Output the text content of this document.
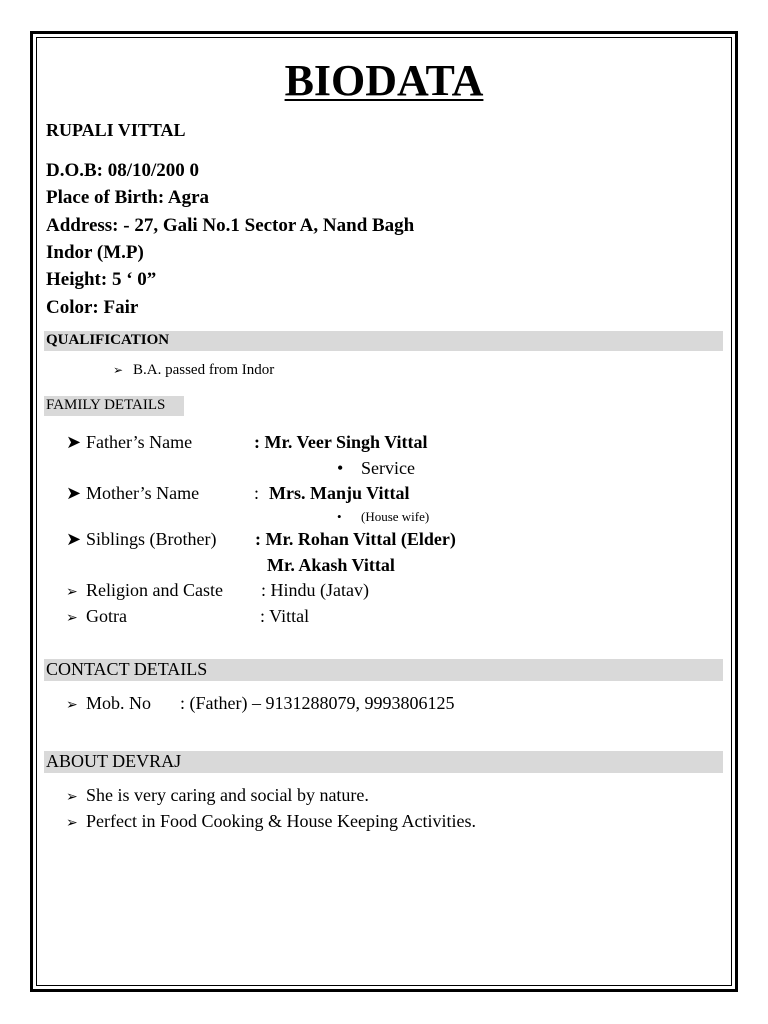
BIODATA
RUPALI VITTAL
D.O.B: 08/10/200 0
Place of Birth: Agra
Address: - 27, Gali No.1 Sector A, Nand Bagh
Indor (M.P)
Height: 5 ‘ 0”
Color: Fair
QUALIFICATION
➢ B.A. passed from Indor
FAMILY DETAILS
➤ Father’s Name	: Mr. Veer Singh Vittal
• Service
➤ Mother’s Name	: Mrs. Manju Vittal
• (House wife)
➤ Siblings (Brother) : Mr. Rohan Vittal (Elder)
Mr. Akash Vittal
➢ Religion and Caste : Hindu (Jatav)
➢ Gotra	: Vittal
CONTACT DETAILS
➢ Mob. No : (Father) – 9131288079, 9993806125
ABOUT DEVRAJ
➢ She is very caring and social by nature.
➢ Perfect in Food Cooking & House Keeping Activities.
